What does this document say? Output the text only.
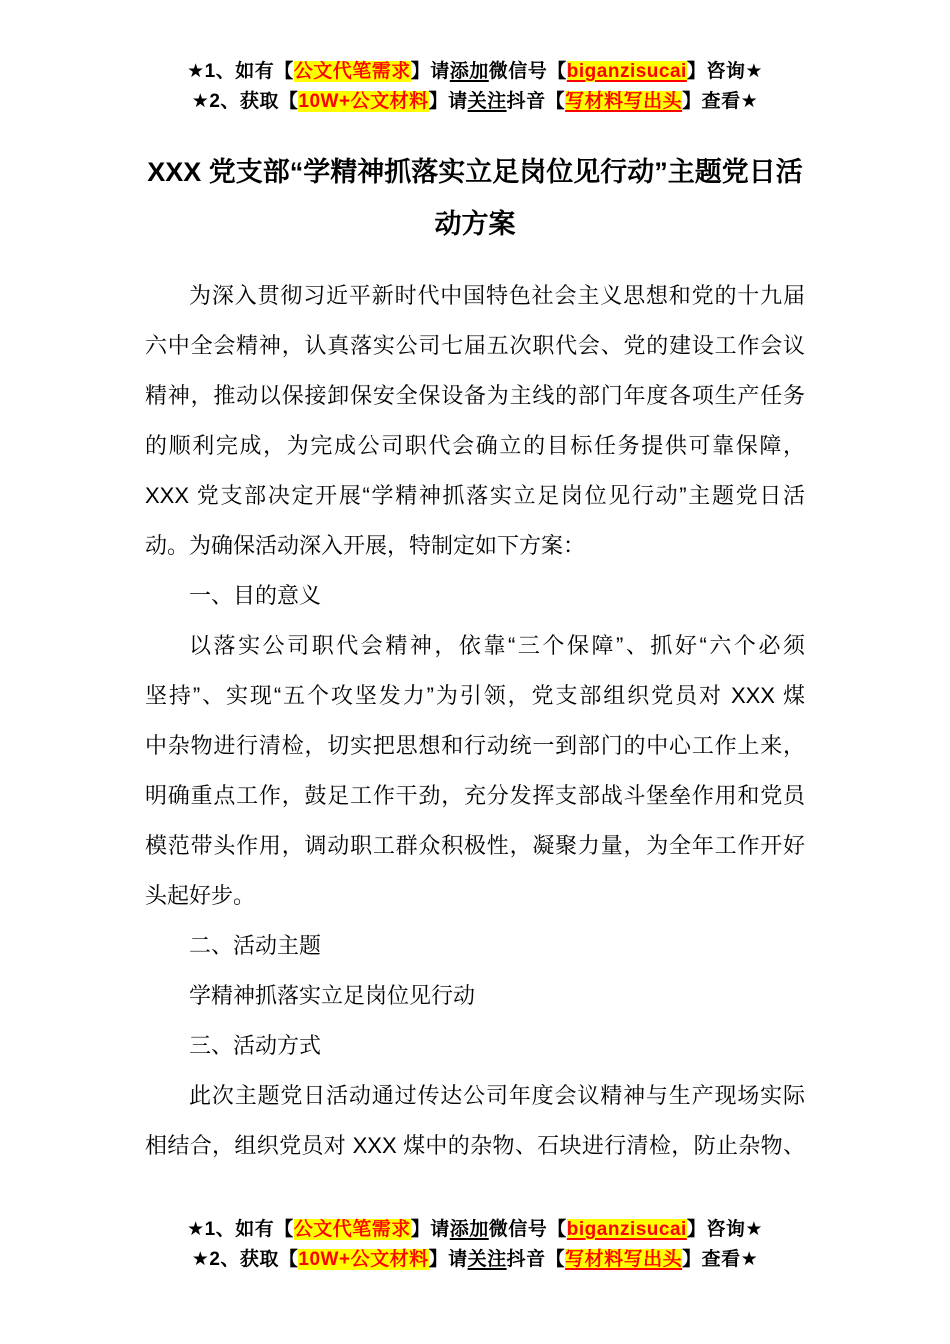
★1、如有【公文代笔需求】请添加微信号【biganzisucai】咨询★
★2、获取【10W+公文材料】请关注抖音【写材料写出头】查看★
XXX 党支部“学精神抓落实立足岗位见行动”主题党日活
动方案
为深入贯彻习近平新时代中国特色社会主义思想和党的十九届
六中全会精神，认真落实公司七届五次职代会、党的建设工作会议
精神，推动以保接卸保安全保设备为主线的部门年度各项生产任务
的顺利完成，为完成公司职代会确立的目标任务提供可靠保障，
XXX 党支部决定开展“学精神抓落实立足岗位见行动”主题党日活
动。为确保活动深入开展，特制定如下方案：
一、目的意义
以落实公司职代会精神，依靠“三个保障”、抓好“六个必须
坚持”、实现“五个攻坚发力”为引领，党支部组织党员对 XXX 煤
中杂物进行清检，切实把思想和行动统一到部门的中心工作上来，
明确重点工作，鼓足工作干劲，充分发挥支部战斗堡垒作用和党员
模范带头作用，调动职工群众积极性，凝聚力量，为全年工作开好
头起好步。
二、活动主题
学精神抓落实立足岗位见行动
三、活动方式
此次主题党日活动通过传达公司年度会议精神与生产现场实际
相结合，组织党员对 XXX 煤中的杂物、石块进行清检，防止杂物、
★1、如有【公文代笔需求】请添加微信号【biganzisucai】咨询★
★2、获取【10W+公文材料】请关注抖音【写材料写出头】查看★
